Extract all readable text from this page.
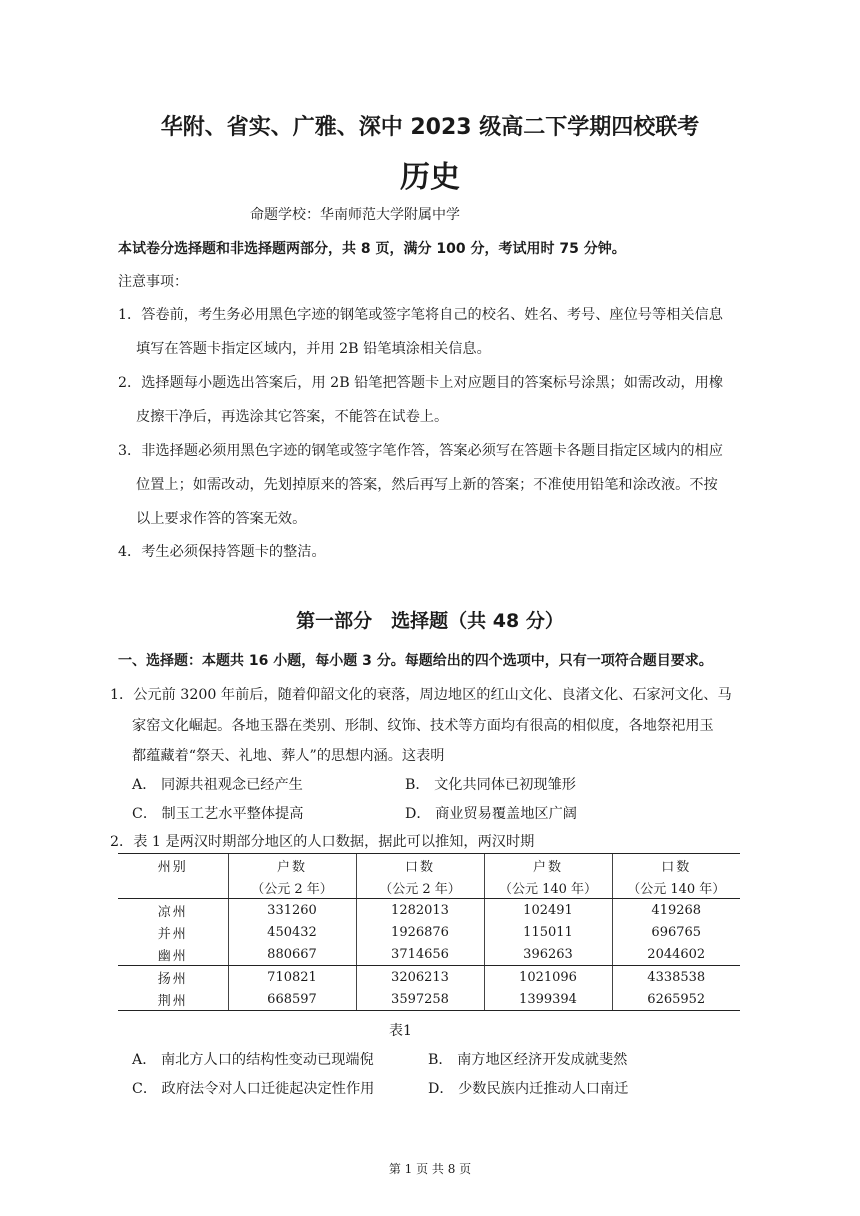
华附、省实、广雅、深中 2023 级高二下学期四校联考
历史
命题学校：华南师范大学附属中学
本试卷分选择题和非选择题两部分，共 8 页，满分 100 分，考试用时 75 分钟。
注意事项：
1．答卷前，考生务必用黑色字迹的钢笔或签字笔将自己的校名、姓名、考号、座位号等相关信息
填写在答题卡指定区域内，并用 2B 铅笔填涂相关信息。
2．选择题每小题选出答案后，用 2B 铅笔把答题卡上对应题目的答案标号涂黑；如需改动，用橡
皮擦干净后，再选涂其它答案，不能答在试卷上。
3．非选择题必须用黑色字迹的钢笔或签字笔作答，答案必须写在答题卡各题目指定区域内的相应
位置上；如需改动，先划掉原来的答案，然后再写上新的答案；不准使用铅笔和涂改液。不按
以上要求作答的答案无效。
4．考生必须保持答题卡的整洁。
第一部分　选择题（共 48 分）
一、选择题：本题共 16 小题，每小题 3 分。每题给出的四个选项中，只有一项符合题目要求。
1．公元前 3200 年前后，随着仰韶文化的衰落，周边地区的红山文化、良渚文化、石家河文化、马
家窑文化崛起。各地玉器在类别、形制、纹饰、技术等方面均有很高的相似度，各地祭祀用玉
都蕴藏着“祭天、礼地、葬人”的思想内涵。这表明
A． 同源共祖观念已经产生	B． 文化共同体已初现雏形
C． 制玉工艺水平整体提高	D． 商业贸易覆盖地区广阔
2．表 1 是两汉时期部分地区的人口数据，据此可以推知，两汉时期
州别	户数	口数	户数	口数
	（公元 2 年）	（公元 2 年）	（公元 140 年）	（公元 140 年）
凉州	331260	1282013	102491	419268
并州	450432	1926876	115011	696765
幽州	880667	3714656	396263	2044602
扬州	710821	3206213	1021096	4338538
荆州	668597	3597258	1399394	6265952
表1
A． 南北方人口的结构性变动已现端倪	B． 南方地区经济开发成就斐然
C． 政府法令对人口迁徙起决定性作用	D． 少数民族内迁推动人口南迁
第 1 页 共 8 页
